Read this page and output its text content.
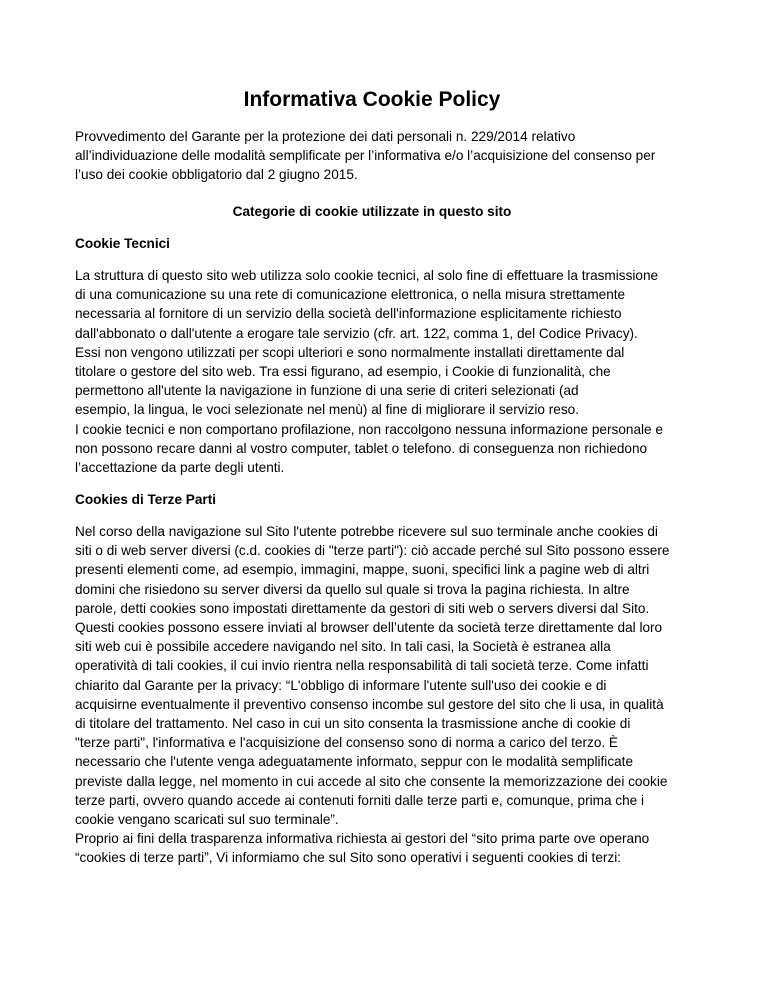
Informativa Cookie Policy
Provvedimento del Garante per la protezione dei dati personali n. 229/2014 relativo
all’individuazione delle modalità semplificate per l’informativa e/o l’acquisizione del consenso per
l’uso dei cookie obbligatorio dal 2 giugno 2015.
Categorie di cookie utilizzate in questo sito
Cookie Tecnici
La struttura di questo sito web utilizza solo cookie tecnici, al solo fine di effettuare la trasmissione
di una comunicazione su una rete di comunicazione elettronica, o nella misura strettamente
necessaria al fornitore di un servizio della società dell'informazione esplicitamente richiesto
dall'abbonato o dall'utente a erogare tale servizio (cfr. art. 122, comma 1, del Codice Privacy).
Essi non vengono utilizzati per scopi ulteriori e sono normalmente installati direttamente dal
titolare o gestore del sito web. Tra essi figurano, ad esempio, i Cookie di funzionalità, che
permettono all'utente la navigazione in funzione di una serie di criteri selezionati (ad
esempio, la lingua, le voci selezionate nel menù) al fine di migliorare il servizio reso.
I cookie tecnici e non comportano profilazione, non raccolgono nessuna informazione personale e
non possono recare danni al vostro computer, tablet o telefono. di conseguenza non richiedono
l’accettazione da parte degli utenti.
Cookies di Terze Parti
Nel corso della navigazione sul Sito l'utente potrebbe ricevere sul suo terminale anche cookies di
siti o di web server diversi (c.d. cookies di "terze parti"): ciò accade perché sul Sito possono essere
presenti elementi come, ad esempio, immagini, mappe, suoni, specifici link a pagine web di altri
domini che risiedono su server diversi da quello sul quale si trova la pagina richiesta. In altre
parole, detti cookies sono impostati direttamente da gestori di siti web o servers diversi dal Sito.
Questi cookies possono essere inviati al browser dell’utente da società terze direttamente dal loro
siti web cui è possibile accedere navigando nel sito. In tali casi, la Società è estranea alla
operatività di tali cookies, il cui invio rientra nella responsabilità di tali società terze. Come infatti
chiarito dal Garante per la privacy: “L'obbligo di informare l'utente sull'uso dei cookie e di
acquisirne eventualmente il preventivo consenso incombe sul gestore del sito che li usa, in qualità
di titolare del trattamento. Nel caso in cui un sito consenta la trasmissione anche di cookie di
"terze parti", l'informativa e l'acquisizione del consenso sono di norma a carico del terzo. È
necessario che l'utente venga adeguatamente informato, seppur con le modalità semplificate
previste dalla legge, nel momento in cui accede al sito che consente la memorizzazione dei cookie
terze parti, ovvero quando accede ai contenuti forniti dalle terze parti e, comunque, prima che i
cookie vengano scaricati sul suo terminale”.
Proprio ai fini della trasparenza informativa richiesta ai gestori del “sito prima parte ove operano
“cookies di terze parti”, Vi informiamo che sul Sito sono operativi i seguenti cookies di terzi:
